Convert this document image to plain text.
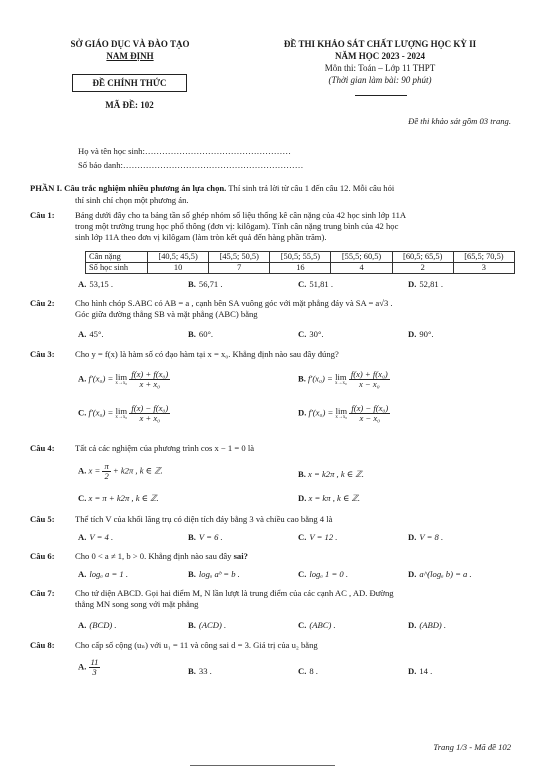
SỞ GIÁO DỤC VÀ ĐÀO TẠO
NAM ĐỊNH
ĐỀ CHÍNH THỨC
MÃ ĐỀ: 102
ĐỀ THI KHẢO SÁT CHẤT LƯỢNG HỌC KỲ II
NĂM HỌC 2023 - 2024
Môn thi: Toán – Lớp 11 THPT
(Thời gian làm bài: 90 phút)
Đề thi khảo sát gồm 03 trang.
Họ và tên học sinh:……………………………………………
Số báo danh:………………………………………………………
PHẦN I. Câu trắc nghiệm nhiều phương án lựa chọn. Thí sinh trả lời từ câu 1 đến câu 12. Mỗi câu hỏi
thí sinh chỉ chọn một phương án.
Câu 1: Bảng dưới đây cho ta bảng tần số ghép nhóm số liệu thống kê cân nặng của 42 học sinh lớp 11A
trong một trường trung học phổ thông (đơn vị: kilôgam). Tính cân nặng trung bình của 42 học
sinh lớp 11A theo đơn vị kilôgam (làm tròn kết quả đến hàng phần trăm).
Cân nặng	[40,5; 45,5)	[45,5; 50,5)	[50,5; 55,5)	[55,5; 60,5)	[60,5; 65,5)	[65,5; 70,5)
Số học sinh	10	7	16	4	2	3
A. 53,15 .	B. 56,71 .	C. 51,81 .	D. 52,81 .
Câu 2: Cho hình chóp S.ABC có AB = a , cạnh bên SA vuông góc với mặt phẳng đáy và SA = a√3 .
Góc giữa đường thẳng SB và mặt phẳng (ABC) bằng
A. 45°.	B. 60°.	C. 30°.	D. 90°.
Câu 3: Cho y = f(x) là hàm số có đạo hàm tại x = x₀. Khẳng định nào sau đây đúng?
A. f′(x₀) = lim
x→x₀
$\frac{\text{f(x) + f(x₀)}}{\text{x + x₀}}$	B. f′(x₀) = lim
x→x₀
$\frac{\text{f(x) + f(x₀)}}{\text{x − x₀}}$
C. f′(x₀) = lim
x→x₀
$\frac{\text{f(x) − f(x₀)}}{\text{x + x₀}}$	D. f′(x₀) = lim
x→x₀
$\frac{\text{f(x) − f(x₀)}}{\text{x − x₀}}$
Câu 4: Tất cả các nghiệm của phương trình cos x − 1 = 0 là
A. $x = \frac{\pi}{2} + k2\pi$ , k ∈ ℤ.	B. x = k2π , k ∈ ℤ.
C. x = π + k2π , k ∈ ℤ.	D. x = kπ , k ∈ ℤ.
Câu 5: Thể tích V của khối lăng trụ có diện tích đáy bằng 3 và chiều cao bằng 4 là
A. V = 4 .	B. V = 6 .	C. V = 12 .	D. V = 8 .
Câu 6: Cho 0 < a ≠ 1, b > 0. Khẳng định nào sau đây sai?
A. logₐ a = 1 .	B. logₐ aᵇ = b .	C. logₐ 1 = 0 .	D. a^(logₐ b) = a .
Câu 7: Cho tứ diện ABCD. Gọi hai điểm M, N lần lượt là trung điểm của các cạnh AC , AD. Đường
thẳng MN song song với mặt phẳng
A. (BCD) .	B. (ACD) .	C. (ABC) .	D. (ABD) .
Câu 8: Cho cấp số cộng (uₙ) với u₁ = 11 và công sai d = 3. Giá trị của u₂ bằng
A. $\frac{11}{3}$	B. 33 .	C. 8 .	D. 14 .
Trang 1/3 - Mã đề 102
